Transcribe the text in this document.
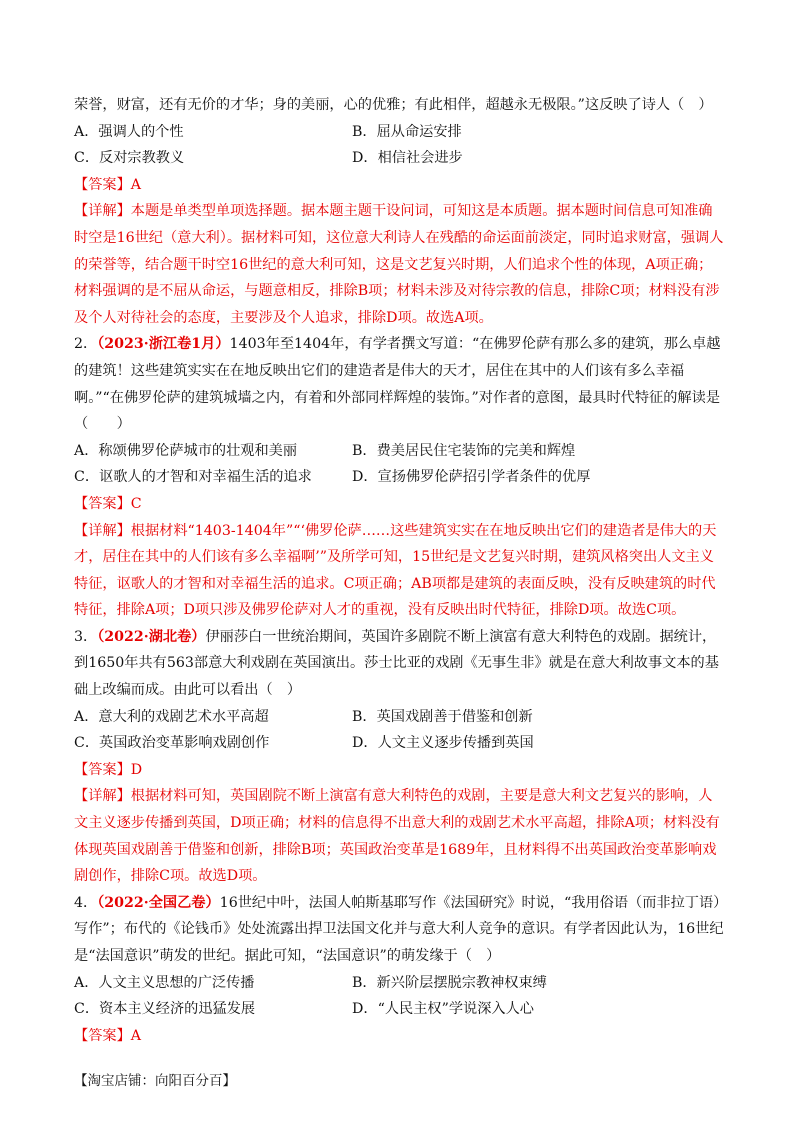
荣誉，财富，还有无价的才华；身的美丽，心的优雅；有此相伴，超越永无极限。”这反映了诗人（　）

A．强调人的个性	B．屈从命运安排
C．反对宗教教义	D．相信社会进步

【答案】A

【详解】本题是单类型单项选择题。据本题主题干设问词，可知这是本质题。据本题时间信息可知准确时空是16世纪（意大利）。据材料可知，这位意大利诗人在残酷的命运面前淡定，同时追求财富，强调人的荣誉等，结合题干时空16世纪的意大利可知，这是文艺复兴时期，人们追求个性的体现，A项正确；材料强调的是不屈从命运，与题意相反，排除B项；材料未涉及对待宗教的信息，排除C项；材料没有涉及个人对待社会的态度，主要涉及个人追求，排除D项。故选A项。

2．（2023·浙江卷1月）1403年至1404年，有学者撰文写道：“在佛罗伦萨有那么多的建筑，那么卓越的建筑！这些建筑实实在在地反映出它们的建造者是伟大的天才，居住在其中的人们该有多么幸福啊。”“在佛罗伦萨的建筑城墙之内，有着和外部同样辉煌的装饰。”对作者的意图，最具时代特征的解读是（　　）

A．称颂佛罗伦萨城市的壮观和美丽	B．费美居民住宅装饰的完美和辉煌
C．讴歌人的才智和对幸福生活的追求	D．宣扬佛罗伦萨招引学者条件的优厚

【答案】C

【详解】根据材料“1403-1404年”“‘佛罗伦萨……这些建筑实实在在地反映出它们的建造者是伟大的天才，居住在其中的人们该有多么幸福啊’”及所学可知，15世纪是文艺复兴时期，建筑风格突出人文主义特征，讴歌人的才智和对幸福生活的追求。C项正确；AB项都是建筑的表面反映，没有反映建筑的时代特征，排除A项；D项只涉及佛罗伦萨对人才的重视，没有反映出时代特征，排除D项。故选C项。

3．（2022·湖北卷）伊丽莎白一世统治期间，英国许多剧院不断上演富有意大利特色的戏剧。据统计，到1650年共有563部意大利戏剧在英国演出。莎士比亚的戏剧《无事生非》就是在意大利故事文本的基础上改编而成。由此可以看出（　）

A．意大利的戏剧艺术水平高超	B．英国戏剧善于借鉴和创新
C．英国政治变革影响戏剧创作	D．人文主义逐步传播到英国

【答案】D

【详解】根据材料可知，英国剧院不断上演富有意大利特色的戏剧，主要是意大利文艺复兴的影响，人文主义逐步传播到英国，D项正确；材料的信息得不出意大利的戏剧艺术水平高超，排除A项；材料没有体现英国戏剧善于借鉴和创新，排除B项；英国政治变革是1689年，且材料得不出英国政治变革影响戏剧创作，排除C项。故选D项。

4．（2022·全国乙卷）16世纪中叶，法国人帕斯基耶写作《法国研究》时说，“我用俗语（而非拉丁语）写作”；布代的《论钱币》处处流露出捍卫法国文化并与意大利人竞争的意识。有学者因此认为，16世纪是“法国意识”萌发的世纪。据此可知，“法国意识”的萌发缘于（　）

A．人文主义思想的广泛传播	B．新兴阶层摆脱宗教神权束缚
C．资本主义经济的迅猛发展	D．“人民主权”学说深入人心

【答案】A

【淘宝店铺：向阳百分百】
